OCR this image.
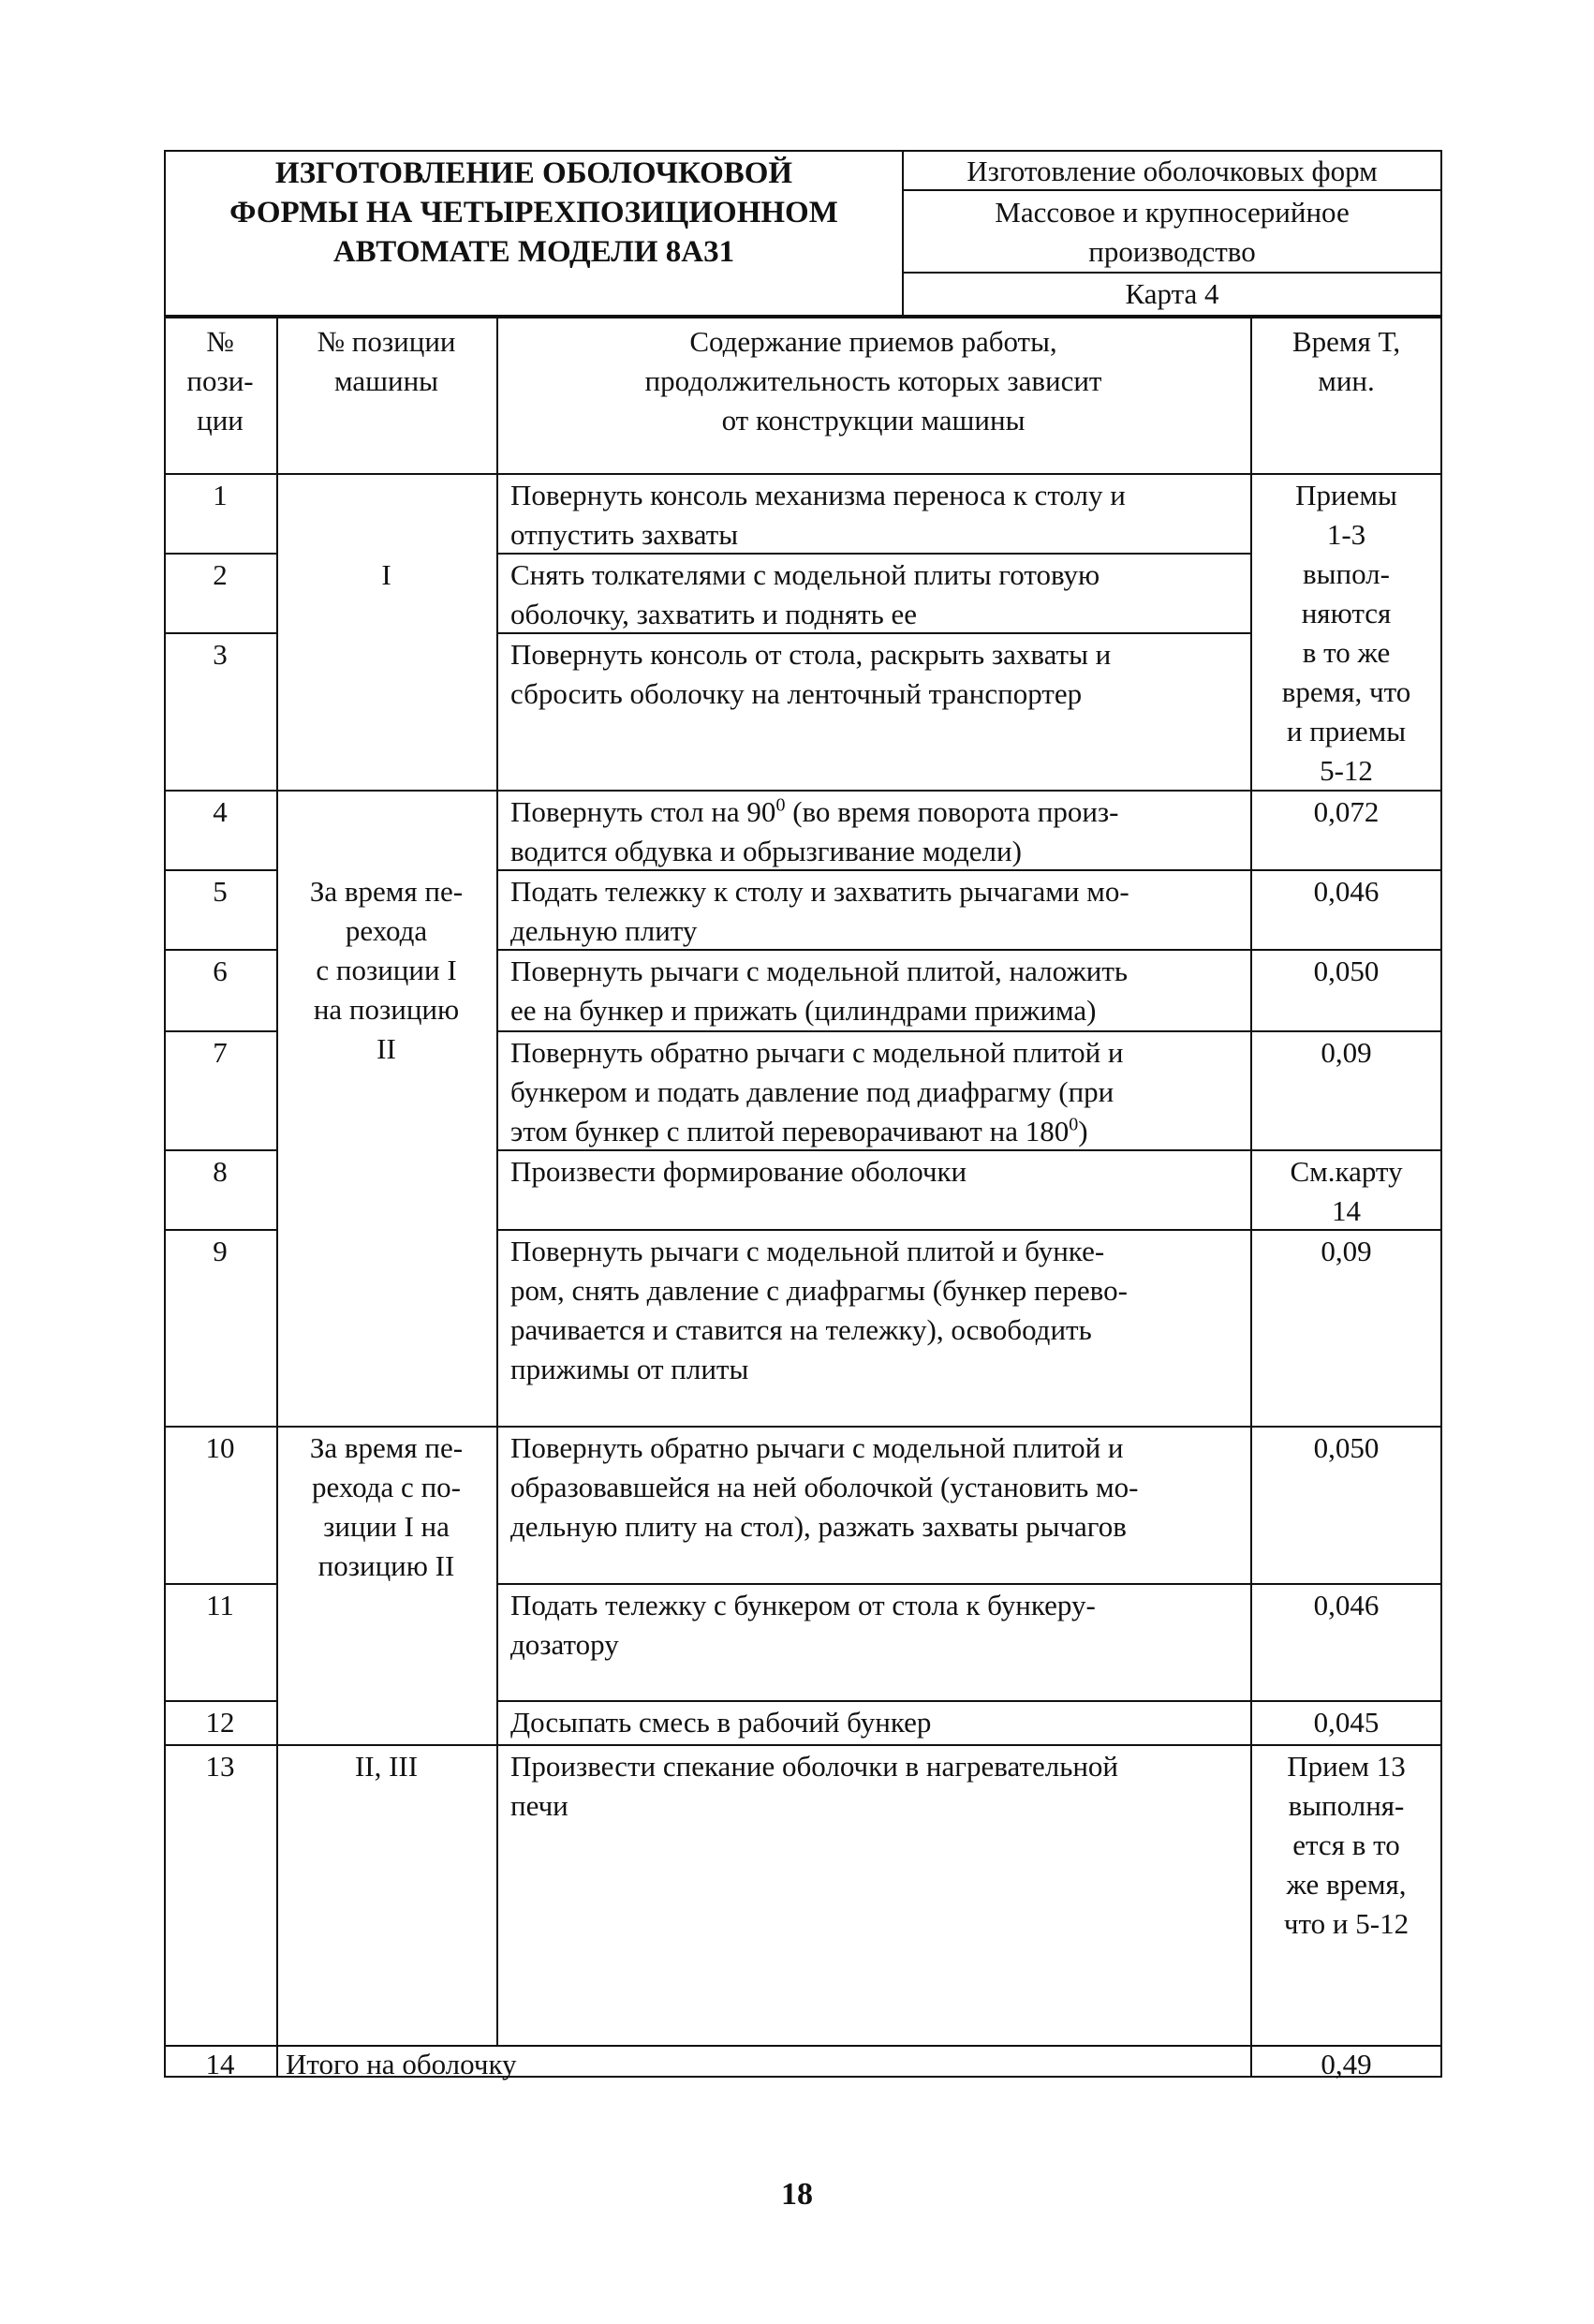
ИЗГОТОВЛЕНИЕ ОБОЛОЧКОВОЙ
ФОРМЫ НА ЧЕТЫРЕХПОЗИЦИОННОМ
АВТОМАТЕ МОДЕЛИ 8А31
Изготовление оболочковых форм
Массовое и крупносерийное
производство
Карта 4
№
пози-
ции
№ позиции
машины
Содержание приемов работы,
продолжительность которых зависит
от конструкции машины
Время Т,
мин.
1
2
3
4
5
6
7
8
9
10
11
12
13
14
I
За время пе-
рехода
с позиции I
на позицию
II
За время пе-
рехода с по-
зиции I на
позицию II
II, III
Повернуть консоль механизма переноса к столу и
отпустить захваты
Снять толкателями с модельной плиты готовую
оболочку, захватить и поднять ее
Повернуть консоль от стола, раскрыть захваты и
сбросить оболочку на ленточный транспортер
Повернуть стол на $90^0$ (во время поворота произ-
водится обдувка и обрызгивание модели)
Подать тележку к столу и захватить рычагами мо-
дельную плиту
Повернуть рычаги с модельной плитой, наложить
ее на бункер и прижать (цилиндрами прижима)
Повернуть обратно рычаги с модельной плитой и
бункером и подать давление под диафрагму (при
этом бункер с плитой переворачивают на $180^0$)
Произвести формирование оболочки
Повернуть рычаги с модельной плитой и бунке-
ром, снять давление с диафрагмы (бункер перево-
рачивается и ставится на тележку), освободить
прижимы от плиты
Повернуть обратно рычаги с модельной плитой и
образовавшейся на ней оболочкой (установить мо-
дельную плиту на стол), разжать захваты рычагов
Подать тележку с бункером от стола к бункеру-
дозатору
Досыпать смесь в рабочий бункер
Произвести спекание оболочки в нагревательной
печи
Итого на оболочку
Приемы
1-3
выпол-
няются
в то же
время, что
и приемы
5-12
0,072
0,046
0,050
0,09
См.карту
14
0,09
0,050
0,046
0,045
Прием 13
выполня-
ется в то
же время,
что и 5-12
0,49
18
